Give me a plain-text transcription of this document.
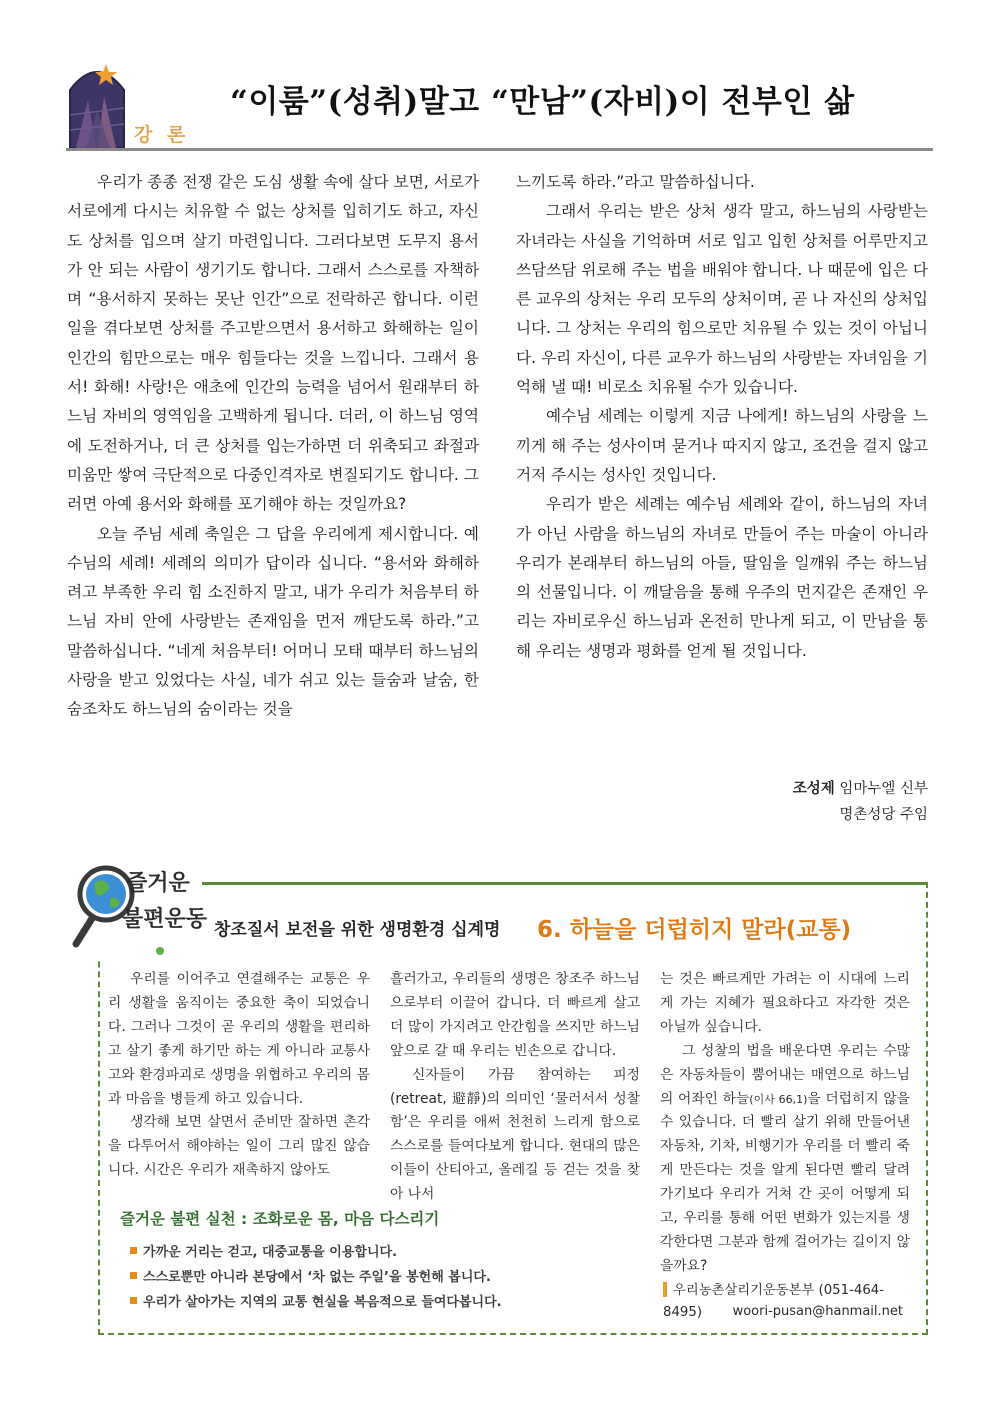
강 론
“이룸”(성취)말고 “만남”(자비)이 전부인 삶

우리가 종종 전쟁 같은 도심 생활 속에 살다 보면, 서로가 서로에게 다시는 치유할 수 없는 상처를 입히기도 하고, 자신도 상처를 입으며 살기 마련입니다. 그러다보면 도무지 용서가 안 되는 사람이 생기기도 합니다. 그래서 스스로를 자책하며 “용서하지 못하는 못난 인간”으로 전락하곤 합니다. 이런 일을 겪다보면 상처를 주고받으면서 용서하고 화해하는 일이 인간의 힘만으로는 매우 힘들다는 것을 느낍니다. 그래서 용서! 화해! 사랑!은 애초에 인간의 능력을 넘어서 원래부터 하느님 자비의 영역임을 고백하게 됩니다. 더러, 이 하느님 영역에 도전하거나, 더 큰 상처를 입는가하면 더 위축되고 좌절과 미움만 쌓여 극단적으로 다중인격자로 변질되기도 합니다. 그러면 아예 용서와 화해를 포기해야 하는 것일까요?

오늘 주님 세례 축일은 그 답을 우리에게 제시합니다. 예수님의 세례! 세례의 의미가 답이라 십니다. “용서와 화해하려고 부족한 우리 힘 소진하지 말고, 내가 우리가 처음부터 하느님 자비 안에 사랑받는 존재임을 먼저 깨닫도록 하라.”고 말씀하십니다. “네게 처음부터! 어머니 모태 때부터 하느님의 사랑을 받고 있었다는 사실, 네가 쉬고 있는 들숨과 날숨, 한 숨조차도 하느님의 숨이라는 것을

느끼도록 하라.”라고 말씀하십니다.

그래서 우리는 받은 상처 생각 말고, 하느님의 사랑받는 자녀라는 사실을 기억하며 서로 입고 입힌 상처를 어루만지고 쓰담쓰담 위로해 주는 법을 배워야 합니다. 나 때문에 입은 다른 교우의 상처는 우리 모두의 상처이며, 곧 나 자신의 상처입니다. 그 상처는 우리의 힘으로만 치유될 수 있는 것이 아닙니다. 우리 자신이, 다른 교우가 하느님의 사랑받는 자녀임을 기억해 낼 때! 비로소 치유될 수가 있습니다.

예수님 세례는 이렇게 지금 나에게! 하느님의 사랑을 느끼게 해 주는 성사이며 묻거나 따지지 않고, 조건을 걸지 않고 거저 주시는 성사인 것입니다.

우리가 받은 세례는 예수님 세례와 같이, 하느님의 자녀가 아닌 사람을 하느님의 자녀로 만들어 주는 마술이 아니라 우리가 본래부터 하느님의 아들, 딸임을 일깨워 주는 하느님의 선물입니다. 이 깨달음을 통해 우주의 먼지같은 존재인 우리는 자비로우신 하느님과 온전히 만나게 되고, 이 만남을 통해 우리는 생명과 평화를 얻게 될 것입니다.

조성제 임마누엘 신부
명촌성당 주임
즐거운
불편운동 창조질서 보전을 위한 생명환경 십계명 6. 하늘을 더럽히지 말라(교통)

우리를 이어주고 연결해주는 교통은 우리 생활을 움직이는 중요한 축이 되었습니다. 그러나 그것이 곧 우리의 생활을 편리하고 살기 좋게 하기만 하는 게 아니라 교통사고와 환경파괴로 생명을 위협하고 우리의 몸과 마음을 병들게 하고 있습니다.

생각해 보면 살면서 준비만 잘하면 촌각을 다투어서 해야하는 일이 그리 많진 않습니다. 시간은 우리가 재촉하지 않아도

흘러가고, 우리들의 생명은 창조주 하느님으로부터 이끌어 갑니다. 더 빠르게 살고 더 많이 가지려고 안간힘을 쓰지만 하느님 앞으로 갈 때 우리는 빈손으로 갑니다.

신자들이 가끔 참여하는 피정(retreat, 避靜)의 의미인 ‘물러서서 성찰함’은 우리를 애써 천천히 느리게 함으로 스스로를 들여다보게 합니다. 현대의 많은 이들이 산티아고, 올레길 등 걷는 것을 찾아 나서

는 것은 빠르게만 가려는 이 시대에 느리게 가는 지혜가 필요하다고 자각한 것은 아닐까 싶습니다.

그 성찰의 법을 배운다면 우리는 수많은 자동차들이 뿜어내는 매연으로 하느님의 어좌인 하늘(이사 66,1)을 더럽히지 않을 수 있습니다. 더 빨리 살기 위해 만들어낸 자동차, 기차, 비행기가 우리를 더 빨리 죽게 만든다는 것을 알게 된다면 빨리 달려가기보다 우리가 거쳐 간 곳이 어떻게 되고, 우리를 통해 어떤 변화가 있는지를 생각한다면 그분과 함께 걸어가는 길이지 않을까요?

즐거운 불편 실천 : 조화로운 몸, 마음 다스리기
가까운 거리는 걷고, 대중교통을 이용합니다.
스스로뿐만 아니라 본당에서 ‘차 없는 주일’을 봉헌해 봅니다.
우리가 살아가는 지역의 교통 현실을 복음적으로 들여다봅니다.
우리농촌살리기운동본부 (051-464-8495)	woori-pusan@hanmail.net
